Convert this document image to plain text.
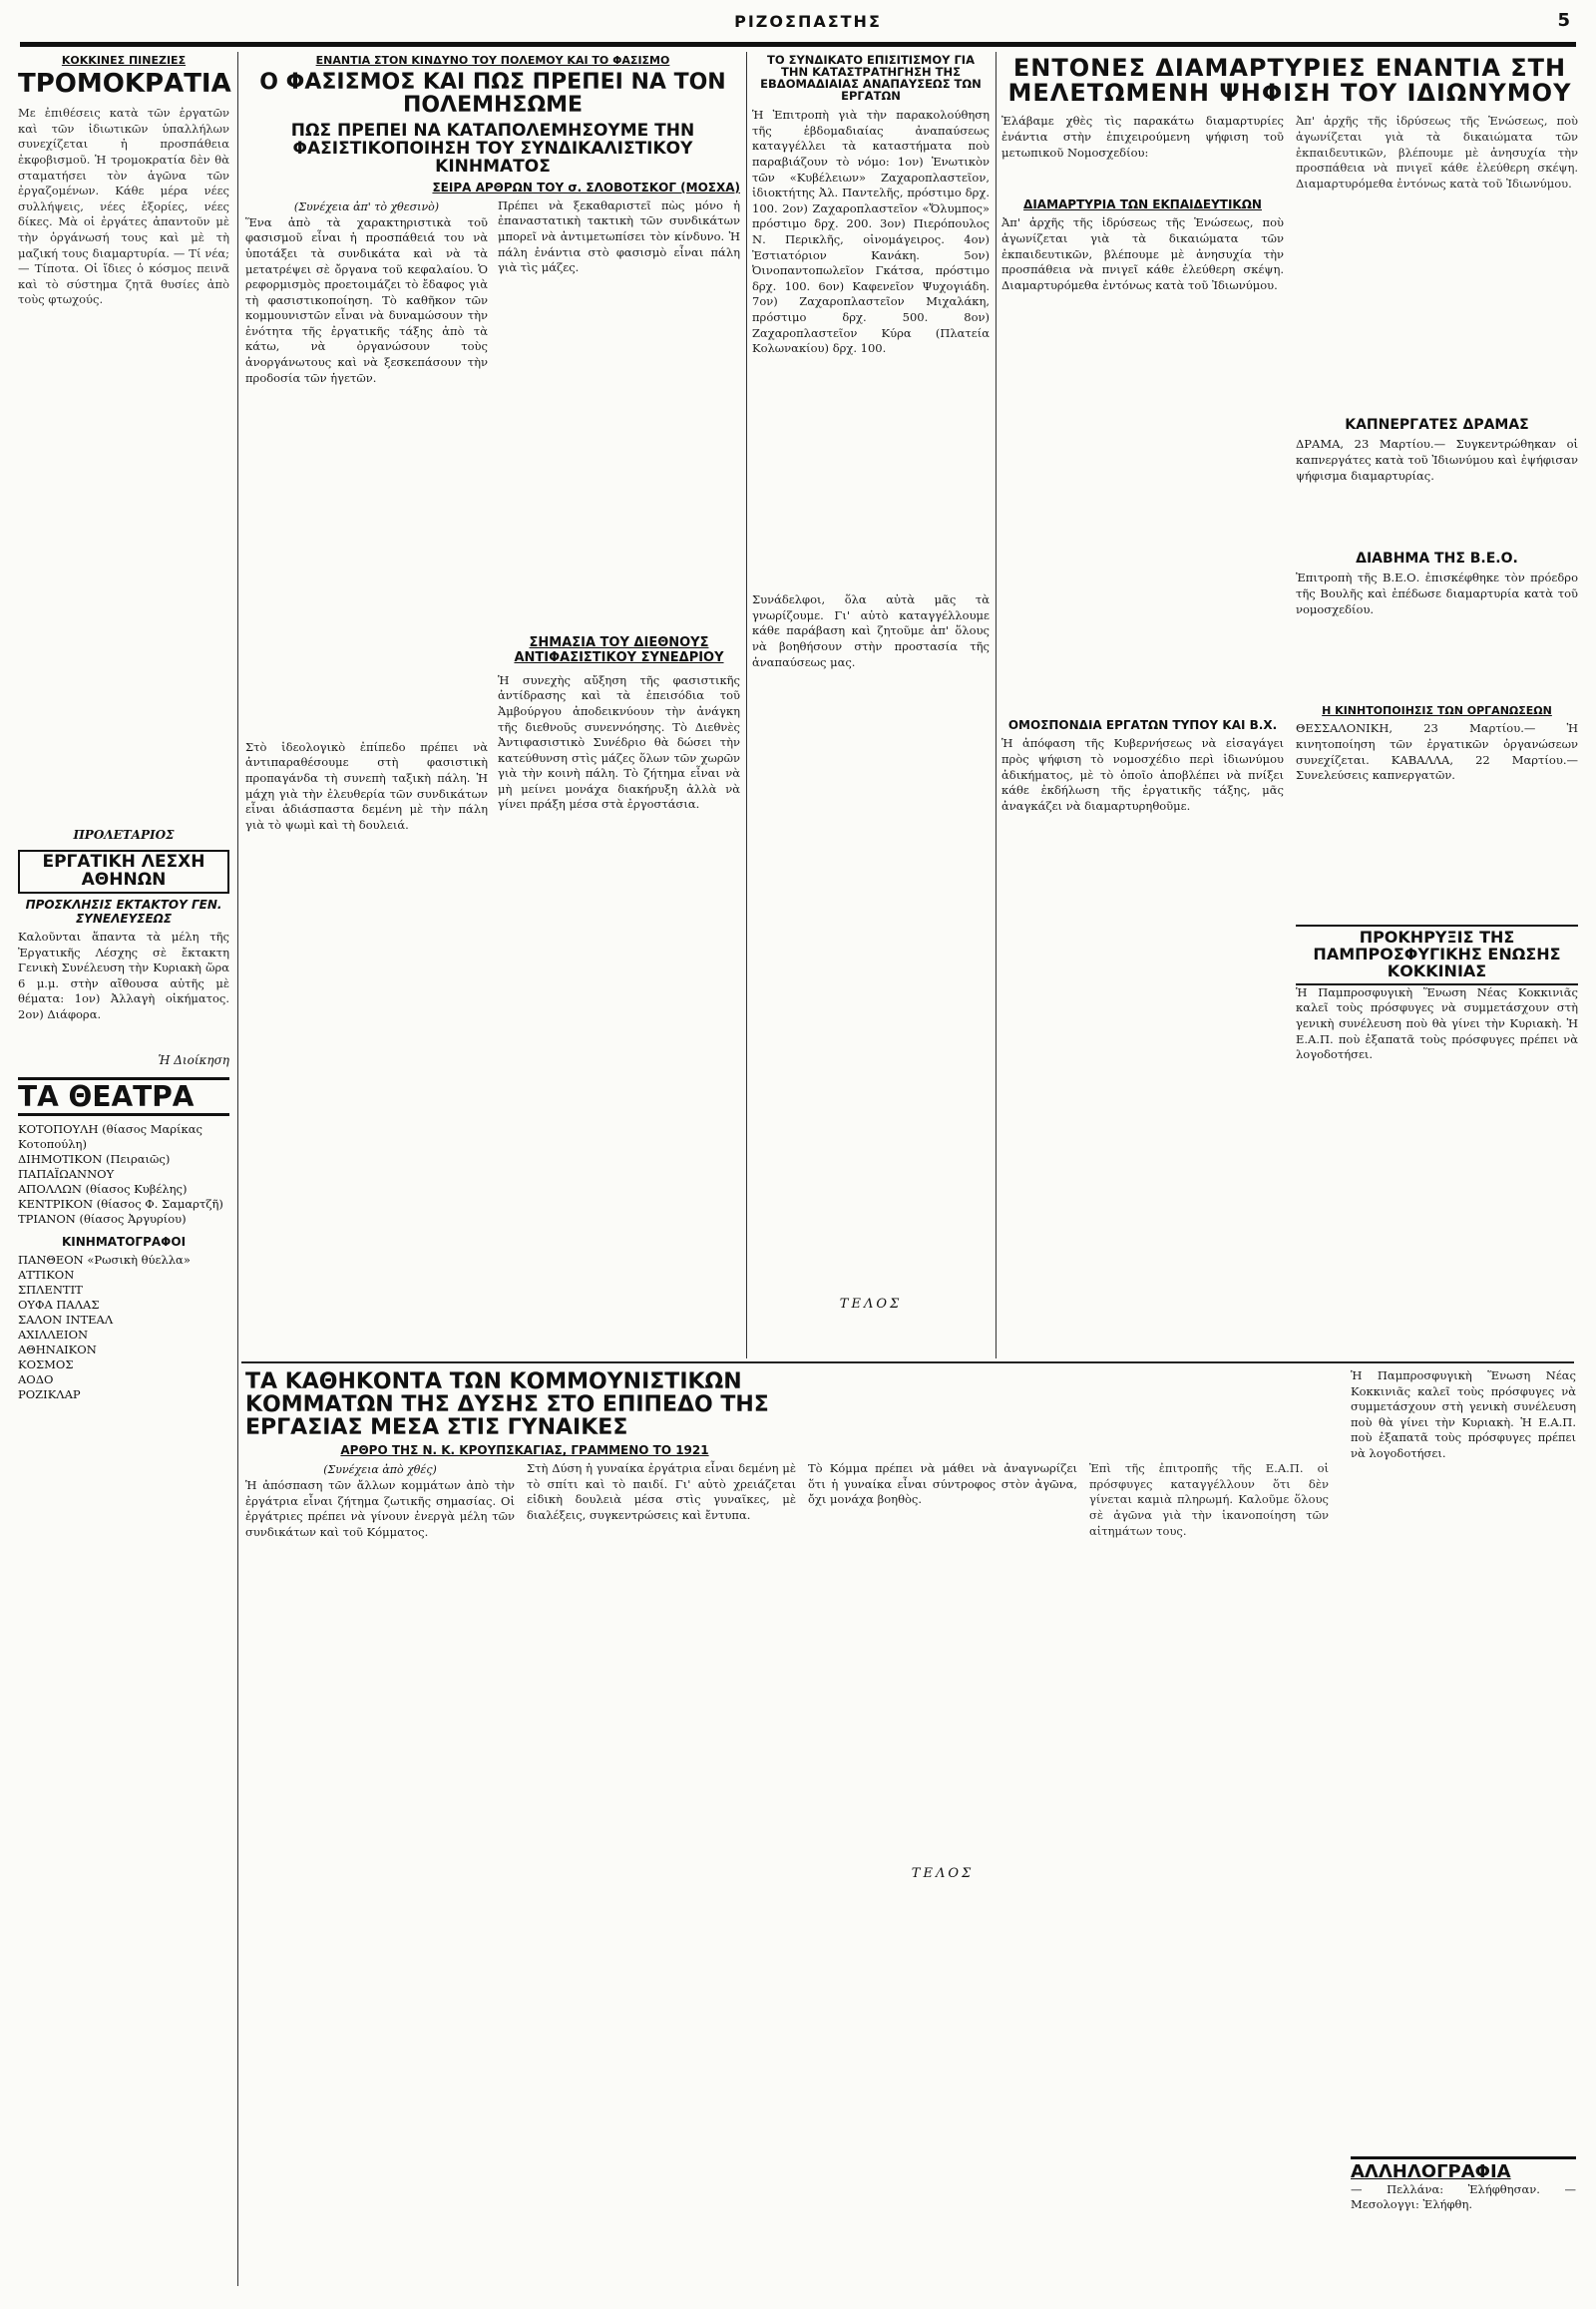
ΡΙΖΟΣΠΑΣΤΗΣ	5
ΚΟΚΚΙΝΕΣ ΠΙΝΕΖΙΕΣ
ΤΡΟΜΟΚΡΑΤΙΑ

Με ἐπιθέσεις κατὰ τῶν ἐργατῶν καὶ τῶν ἰδιωτικῶν ὑπαλλήλων συνεχίζεται ἡ προσπάθεια ἐκφοβισμοῦ. Ἡ τρομοκρατία δὲν θὰ σταματήσει τὸν ἀγῶνα τῶν ἐργαζομένων. Κάθε μέρα νέες συλλήψεις, νέες ἐξορίες, νέες δίκες. Μὰ οἱ ἐργάτες ἀπαντοῦν μὲ τὴν ὀργάνωσή τους καὶ μὲ τὴ μαζική τους διαμαρτυρία. — Τί νέα; — Τίποτα. Οἱ ἴδιες ὁ κόσμος πεινᾶ καὶ τὸ σύστημα ζητᾶ θυσίες ἀπὸ τοὺς φτωχούς.

ΠΡΟΛΕΤΑΡΙΟΣ
ΕΡΓΑΤΙΚΗ ΛΕΣΧΗ ΑΘΗΝΩΝ
ΠΡΟΣΚΛΗΣΙΣ ΕΚΤΑΚΤΟΥ ΓΕΝ. ΣΥΝΕΛΕΥΣΕΩΣ

Καλοῦνται ἅπαντα τὰ μέλη τῆς Ἐργατικῆς Λέσχης σὲ ἔκτακτη Γενικὴ Συνέλευση τὴν Κυριακὴ ὥρα 6 μ.μ. στὴν αἴθουσα αὐτῆς μὲ θέματα: 1ον) Ἀλλαγὴ οἰκήματος. 2ον) Διάφορα.

Ἡ Διοίκηση
ΤΑ ΘΕΑΤΡΑ

ΚΟΤΟΠΟΥΛΗ (θίασος Μαρίκας Κοτοπούλη)

ΔΙΗΜΟΤΙΚΟΝ (Πειραιῶς)

ΠΑΠΑΪΩΑΝΝΟΥ

ΑΠΟΛΛΩΝ (θίασος Κυβέλης)

ΚΕΝΤΡΙΚΟΝ (θίασος Φ. Σαμαρτζῆ)

ΤΡΙΑΝΟΝ (θίασος Ἀργυρίου)

ΚΙΝΗΜΑΤΟΓΡΑΦΟΙ

ΠΑΝΘΕΟΝ «Ρωσικὴ θύελλα»

ΑΤΤΙΚΟΝ

ΣΠΛΕΝΤΙΤ

ΟΥΦΑ ΠΑΛΑΣ

ΣΑΛΟΝ ΙΝΤΕΑΛ

ΑΧΙΛΛΕΙΟΝ

ΑΘΗΝΑΙΚΟΝ

ΚΟΣΜΟΣ

ΑΟΔΟ

ΡΟΖΙΚΛΑΡ

ΕΝΑΝΤΙΑ ΣΤΟΝ ΚΙΝΔΥΝΟ ΤΟΥ ΠΟΛΕΜΟΥ ΚΑΙ ΤΟ ΦΑΣΙΣΜΟ
Ο ΦΑΣΙΣΜΟΣ ΚΑΙ ΠΩΣ ΠΡΕΠΕΙ ΝΑ ΤΟΝ ΠΟΛΕΜΗΣΩΜΕ
ΠΩΣ ΠΡΕΠΕΙ ΝΑ ΚΑΤΑΠΟΛΕΜΗΣΟΥΜΕ ΤΗΝ ΦΑΣΙΣΤΙΚΟΠΟΙΗΣΗ ΤΟΥ ΣΥΝΔΙΚΑΛΙΣΤΙΚΟΥ ΚΙΝΗΜΑΤΟΣ
ΣΕΙΡΑ ΑΡΘΡΩΝ ΤΟΥ σ. ΣΛΟΒΟΤΣΚΟΓ (ΜΟΣΧΑ)
(Συνέχεια ἀπ' τὸ χθεσινὸ)

Ἕνα ἀπὸ τὰ χαρακτηριστικὰ τοῦ φασισμοῦ εἶναι ἡ προσπάθειά του νὰ ὑποτάξει τὰ συνδικάτα καὶ νὰ τὰ μετατρέψει σὲ ὄργανα τοῦ κεφαλαίου. Ὁ ρεφορμισμὸς προετοιμάζει τὸ ἔδαφος γιὰ τὴ φασιστικοποίηση. Τὸ καθῆκον τῶν κομμουνιστῶν εἶναι νὰ δυναμώσουν τὴν ἑνότητα τῆς ἐργατικῆς τάξης ἀπὸ τὰ κάτω, νὰ ὀργανώσουν τοὺς ἀνοργάνωτους καὶ νὰ ξεσκεπάσουν τὴν προδοσία τῶν ἡγετῶν.

Στὸ ἰδεολογικὸ ἐπίπεδο πρέπει νὰ ἀντιπαραθέσουμε στὴ φασιστικὴ προπαγάνδα τὴ συνεπὴ ταξικὴ πάλη. Ἡ μάχη γιὰ τὴν ἐλευθερία τῶν συνδικάτων εἶναι ἀδιάσπαστα δεμένη μὲ τὴν πάλη γιὰ τὸ ψωμὶ καὶ τὴ δουλειά.

Πρέπει νὰ ξεκαθαριστεῖ πὼς μόνο ἡ ἐπαναστατικὴ τακτικὴ τῶν συνδικάτων μπορεῖ νὰ ἀντιμετωπίσει τὸν κίνδυνο. Ἡ πάλη ἐνάντια στὸ φασισμὸ εἶναι πάλη γιὰ τὶς μάζες.

ΣΗΜΑΣΙΑ ΤΟΥ ΔΙΕΘΝΟΥΣ ΑΝΤΙΦΑΣΙΣΤΙΚΟΥ ΣΥΝΕΔΡΙΟΥ

Ἡ συνεχὴς αὔξηση τῆς φασιστικῆς ἀντίδρασης καὶ τὰ ἐπεισόδια τοῦ Ἀμβούργου ἀποδεικνύουν τὴν ἀνάγκη τῆς διεθνοῦς συνεννόησης. Τὸ Διεθνὲς Ἀντιφασιστικὸ Συνέδριο θὰ δώσει τὴν κατεύθυνση στὶς μάζες ὅλων τῶν χωρῶν γιὰ τὴν κοινὴ πάλη. Τὸ ζήτημα εἶναι νὰ μὴ μείνει μονάχα διακήρυξη ἀλλὰ νὰ γίνει πράξη μέσα στὰ ἐργοστάσια.

ΤΟ ΣΥΝΔΙΚΑΤΟ ΕΠΙΣΙΤΙΣΜΟΥ ΓΙΑ ΤΗΝ ΚΑΤΑΣΤΡΑΤΗΓΗΣΗ ΤΗΣ ΕΒΔΟΜΑΔΙΑΙΑΣ ΑΝΑΠΑΥΣΕΩΣ ΤΩΝ ΕΡΓΑΤΩΝ

Ἡ Ἐπιτροπὴ γιὰ τὴν παρακολούθηση τῆς ἑβδομαδιαίας ἀναπαύσεως καταγγέλλει τὰ καταστήματα ποὺ παραβιάζουν τὸ νόμο: 1ον) Ἐνωτικὸν τῶν «Κυβέλειων» Ζαχαροπλαστεῖον, ἰδιοκτήτης Ἀλ. Παντελῆς, πρόστιμο δρχ. 100. 2ον) Ζαχαροπλαστεῖον «Ὄλυμπος» πρόστιμο δρχ. 200. 3ον) Πιερόπουλος Ν. Περικλῆς, οἰνομάγειρος. 4ον) Ἐστιατόριον Κανάκη. 5ον) Ὀινοπαντοπωλεῖον Γκάτσα, πρόστιμο δρχ. 100. 6ον) Καφενεῖον Ψυχογιάδη. 7ον) Ζαχαροπλαστεῖον Μιχαλάκη, πρόστιμο δρχ. 500. 8ον) Ζαχαροπλαστεῖον Κύρα (Πλατεία Κολωνακίου) δρχ. 100.

Συνάδελφοι, ὅλα αὐτὰ μᾶς τὰ γνωρίζουμε. Γι' αὐτὸ καταγγέλλουμε κάθε παράβαση καὶ ζητοῦμε ἀπ' ὅλους νὰ βοηθήσουν στὴν προστασία τῆς ἀναπαύσεως μας.

ΤΕΛΟΣ
ΕΝΤΟΝΕΣ ΔΙΑΜΑΡΤΥΡΙΕΣ ΕΝΑΝΤΙΑ ΣΤΗ ΜΕΛΕΤΩΜΕΝΗ ΨΗΦΙΣΗ ΤΟΥ ΙΔΙΩΝΥΜΟΥ

Ἐλάβαμε χθὲς τὶς παρακάτω διαμαρτυρίες ἐνάντια στὴν ἐπιχειρούμενη ψήφιση τοῦ μετωπικοῦ Νομοσχεδίου:

ΔΙΑΜΑΡΤΥΡΙΑ ΤΩΝ ΕΚΠΑΙΔΕΥΤΙΚΩΝ

Ἀπ' ἀρχῆς τῆς ἱδρύσεως τῆς Ἑνώσεως, ποὺ ἀγωνίζεται γιὰ τὰ δικαιώματα τῶν ἐκπαιδευτικῶν, βλέπουμε μὲ ἀνησυχία τὴν προσπάθεια νὰ πνιγεῖ κάθε ἐλεύθερη σκέψη. Διαμαρτυρόμεθα ἐντόνως κατὰ τοῦ Ἰδιωνύμου.

ΟΜΟΣΠΟΝΔΙΑ ΕΡΓΑΤΩΝ ΤΥΠΟΥ ΚΑΙ Β.Χ.

Ἡ ἀπόφαση τῆς Κυβερνήσεως νὰ εἰσαγάγει πρὸς ψήφιση τὸ νομοσχέδιο περὶ ἰδιωνύμου ἀδικήματος, μὲ τὸ ὁποῖο ἀποβλέπει νὰ πνίξει κάθε ἐκδήλωση τῆς ἐργατικῆς τάξης, μᾶς ἀναγκάζει νὰ διαμαρτυρηθοῦμε.

Ἀπ' ἀρχῆς τῆς ἱδρύσεως τῆς Ἑνώσεως, ποὺ ἀγωνίζεται γιὰ τὰ δικαιώματα τῶν ἐκπαιδευτικῶν, βλέπουμε μὲ ἀνησυχία τὴν προσπάθεια νὰ πνιγεῖ κάθε ἐλεύθερη σκέψη. Διαμαρτυρόμεθα ἐντόνως κατὰ τοῦ Ἰδιωνύμου.

ΚΑΠΝΕΡΓΑΤΕΣ ΔΡΑΜΑΣ

ΔΡΑΜΑ, 23 Μαρτίου.— Συγκεντρώθηκαν οἱ καπνεργάτες κατὰ τοῦ Ἰδιωνύμου καὶ ἐψήφισαν ψήφισμα διαμαρτυρίας.

ΔΙΑΒΗΜΑ ΤΗΣ Β.Ε.Ο.

Ἐπιτροπὴ τῆς Β.Ε.Ο. ἐπισκέφθηκε τὸν πρόεδρο τῆς Βουλῆς καὶ ἐπέδωσε διαμαρτυρία κατὰ τοῦ νομοσχεδίου.

Η ΚΙΝΗΤΟΠΟΙΗΣΙΣ ΤΩΝ ΟΡΓΑΝΩΣΕΩΝ

ΘΕΣΣΑΛΟΝΙΚΗ, 23 Μαρτίου.— Ἡ κινητοποίηση τῶν ἐργατικῶν ὀργανώσεων συνεχίζεται. ΚΑΒΑΛΛΑ, 22 Μαρτίου.— Συνελεύσεις καπνεργατῶν.

ΠΡΟΚΗΡΥΞΙΣ ΤΗΣ ΠΑΜΠΡΟΣΦΥΓΙΚΗΣ ΕΝΩΣΗΣ ΚΟΚΚΙΝΙΑΣ

Ἡ Παμπροσφυγικὴ Ἕνωση Νέας Κοκκινιᾶς καλεῖ τοὺς πρόσφυγες νὰ συμμετάσχουν στὴ γενικὴ συνέλευση ποὺ θὰ γίνει τὴν Κυριακὴ. Ἡ Ε.Α.Π. ποὺ ἐξαπατᾶ τοὺς πρόσφυγες πρέπει νὰ λογοδοτήσει.

ΤΑ ΚΑΘΗΚΟΝΤΑ ΤΩΝ ΚΟΜΜΟΥΝΙΣΤΙΚΩΝ ΚΟΜΜΑΤΩΝ ΤΗΣ ΔΥΣΗΣ ΣΤΟ ΕΠΙΠΕΔΟ ΤΗΣ ΕΡΓΑΣΙΑΣ ΜΕΣΑ ΣΤΙΣ ΓΥΝΑΙΚΕΣ
ΑΡΘΡΟ ΤΗΣ Ν. Κ. ΚΡΟΥΠΣΚΑΓΙΑΣ, ΓΡΑΜΜΕΝΟ ΤΟ 1921
(Συνέχεια ἀπὸ χθές)

Ἡ ἀπόσπαση τῶν ἄλλων κομμάτων ἀπὸ τὴν ἐργάτρια εἶναι ζήτημα ζωτικῆς σημασίας. Οἱ ἐργάτριες πρέπει νὰ γίνουν ἐνεργὰ μέλη τῶν συνδικάτων καὶ τοῦ Κόμματος.

Στὴ Δύση ἡ γυναίκα ἐργάτρια εἶναι δεμένη μὲ τὸ σπίτι καὶ τὸ παιδί. Γι' αὐτὸ χρειάζεται εἰδικὴ δουλειὰ μέσα στὶς γυναῖκες, μὲ διαλέξεις, συγκεντρώσεις καὶ ἔντυπα.

Τὸ Κόμμα πρέπει νὰ μάθει νὰ ἀναγνωρίζει ὅτι ἡ γυναίκα εἶναι σύντροφος στὸν ἀγῶνα, ὄχι μονάχα βοηθὸς.

ΤΕΛΟΣ

Ἐπὶ τῆς ἐπιτροπῆς τῆς Ε.Α.Π. οἱ πρόσφυγες καταγγέλλουν ὅτι δὲν γίνεται καμιὰ πληρωμή. Καλοῦμε ὅλους σὲ ἀγῶνα γιὰ τὴν ἱκανοποίηση τῶν αἰτημάτων τους.

Ἡ Παμπροσφυγικὴ Ἕνωση Νέας Κοκκινιᾶς καλεῖ τοὺς πρόσφυγες νὰ συμμετάσχουν στὴ γενικὴ συνέλευση ποὺ θὰ γίνει τὴν Κυριακὴ. Ἡ Ε.Α.Π. ποὺ ἐξαπατᾶ τοὺς πρόσφυγες πρέπει νὰ λογοδοτήσει.

ΑΛΛΗΛΟΓΡΑΦΙΑ

— Πελλάνα: Ἐλήφθησαν. — Μεσολογγι: Ἐλήφθη.
